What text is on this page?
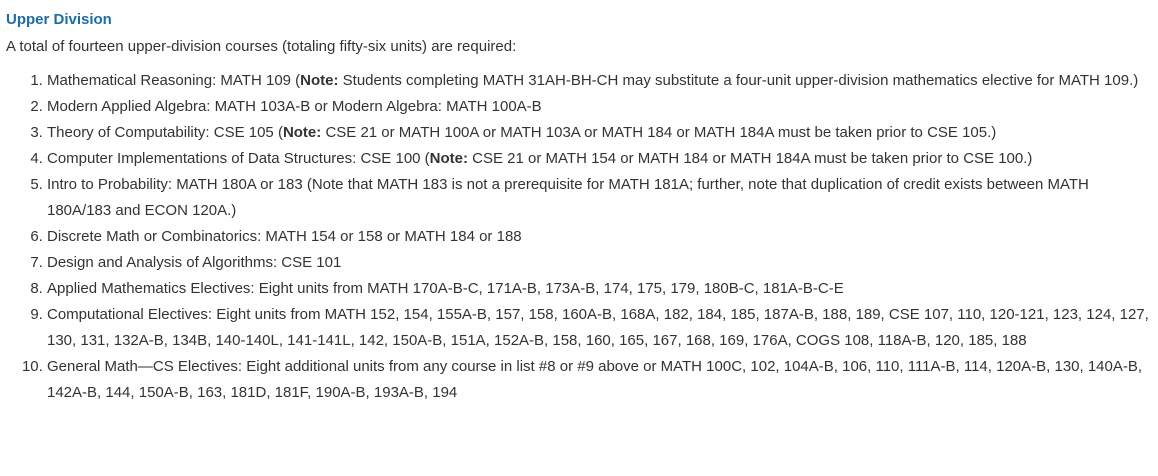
Upper Division

A total of fourteen upper-division courses (totaling fifty-six units) are required:

1. Mathematical Reasoning: MATH 109 (Note: Students completing MATH 31AH-BH-CH may substitute a four-unit upper-division mathematics elective for MATH 109.)
2. Modern Applied Algebra: MATH 103A-B or Modern Algebra: MATH 100A-B
3. Theory of Computability: CSE 105 (Note: CSE 21 or MATH 100A or MATH 103A or MATH 184 or MATH 184A must be taken prior to CSE 105.)
4. Computer Implementations of Data Structures: CSE 100 (Note: CSE 21 or MATH 154 or MATH 184 or MATH 184A must be taken prior to CSE 100.)
5. Intro to Probability: MATH 180A or 183 (Note that MATH 183 is not a prerequisite for MATH 181A; further, note that duplication of credit exists between MATH 180A/183 and ECON 120A.)
6. Discrete Math or Combinatorics: MATH 154 or 158 or MATH 184 or 188
7. Design and Analysis of Algorithms: CSE 101
8. Applied Mathematics Electives: Eight units from MATH 170A-B-C, 171A-B, 173A-B, 174, 175, 179, 180B-C, 181A-B-C-E
9. Computational Electives: Eight units from MATH 152, 154, 155A-B, 157, 158, 160A-B, 168A, 182, 184, 185, 187A-B, 188, 189, CSE 107, 110, 120-121, 123, 124, 127, 130, 131, 132A-B, 134B, 140-140L, 141-141L, 142, 150A-B, 151A, 152A-B, 158, 160, 165, 167, 168, 169, 176A, COGS 108, 118A-B, 120, 185, 188
10. General Math—CS Electives: Eight additional units from any course in list #8 or #9 above or MATH 100C, 102, 104A-B, 106, 110, 111A-B, 114, 120A-B, 130, 140A-B, 142A-B, 144, 150A-B, 163, 181D, 181F, 190A-B, 193A-B, 194
